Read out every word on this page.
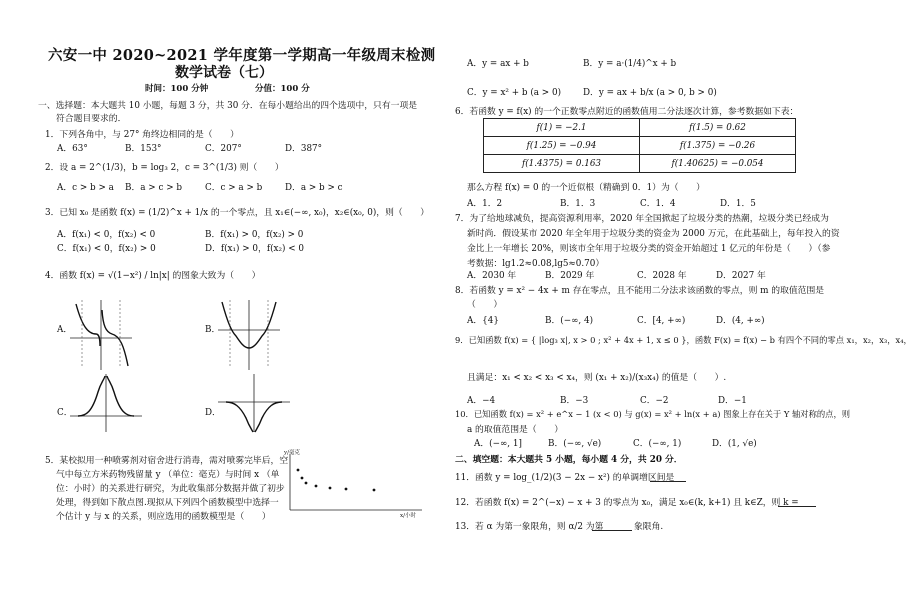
六安一中 2020~2021 学年度第一学期高一年级周末检测
数学试卷（七）
时间：100 分钟	分值：100 分
一、选择题：本大题共 10 小题，每题 3 分，共 30 分．在每小题给出的四个选项中，只有一项是
符合题目要求的．
1．下列各角中，与 27° 角终边相同的是（　　）
A．63°	B．153°	C．207°	D．387°
2．设 a = 2^(1/3)，b = log₃ 2，c = 3^(1/3) 则（　　）
A．c > b > a B．a > c > b	C．c > a > b	D．a > b > c
3．已知 x₀ 是函数 f(x) = (1/2)^x + 1/x 的一个零点，且 x₁∈(−∞, x₀)，x₂∈(x₀, 0)，则（　　）
A．f(x₁) < 0，f(x₂) < 0	B．f(x₁) > 0，f(x₂) > 0
C．f(x₁) < 0，f(x₂) > 0	D．f(x₁) > 0，f(x₂) < 0
4．函数 f(x) = √(1−x²) / ln|x| 的图象大致为（　　）
A．	B．
C．	D．
5．某校拟用一种喷雾剂对宿舍进行消毒，需对喷雾完毕后，空
气中每立方米药物残留量 y （单位：毫克）与时间 x （单
位：小时）的关系进行研究，为此收集部分数据并做了初步
处理，得到如下散点图.现拟从下列四个函数模型中选择一
个估计 y 与 x 的关系，则应选用的函数模型是（　　）
y/毫克
x/小时
A．y = ax + b	B．y = a·(1/4)^x + b
C．y = x² + b (a > 0) D．y = ax + b/x (a > 0, b > 0)
6．若函数 y = f(x) 的一个正数零点附近的函数值用二分法逐次计算，参考数据如下表：
f(1) = −2.1	f(1.5) = 0.62
f(1.25) = −0.94	f(1.375) = −0.26
f(1.4375) = 0.163	f(1.40625) = −0.054
那么方程 f(x) = 0 的一个近似根（精确到 0．1）为（　　）
A．1．2	B．1．3	C．1．4	D．1．5
7．为了给地球减负，提高资源利用率，2020 年全国掀起了垃圾分类的热潮，垃圾分类已经成为
新时尚．假设某市 2020 年全年用于垃圾分类的资金为 2000 万元，在此基础上，每年投入的资
金比上一年增长 20%，则该市全年用于垃圾分类的资金开始超过 1 亿元的年份是（　　）（参
考数据：lg1.2≈0.08,lg5≈0.70）
A．2030 年	B．2029 年	C．2028 年	D．2027 年
8．若函数 y = x² − 4x + m 存在零点，且不能用二分法求该函数的零点，则 m 的取值范围是
（　　）
A．{4}	B．(−∞, 4)	C．[4, +∞)	D．(4, +∞)
9．已知函数 f(x) = { |log₃ x|, x > 0 ; x² + 4x + 1, x ≤ 0 }，函数 F(x) = f(x) − b 有四个不同的零点 x₁，x₂，x₃，x₄，
且满足：x₁ < x₂ < x₃ < x₄，则 (x₁ + x₂)/(x₃x₄) 的值是（　　）.
A．−4	B．−3	C．−2	D．−1
10．已知函数 f(x) = x² + e^x − 1 (x < 0) 与 g(x) = x² + ln(x + a) 图象上存在关于 Y 轴对称的点，则
a 的取值范围是（　　）
A．(−∞, 1]	B．(−∞, √e)	C．(−∞, 1)	D．(1, √e)
二、填空题：本大题共 5 小题，每小题 4 分，共 20 分．
11．函数 y = log_(1/2)(3 − 2x − x²) 的单调增区间是
12．若函数 f(x) = 2^(−x) − x + 3 的零点为 x₀，满足 x₀∈(k, k+1) 且 k∈Z，则 k =
13．若 α 为第一象限角，则 α/2 为第	象限角.
